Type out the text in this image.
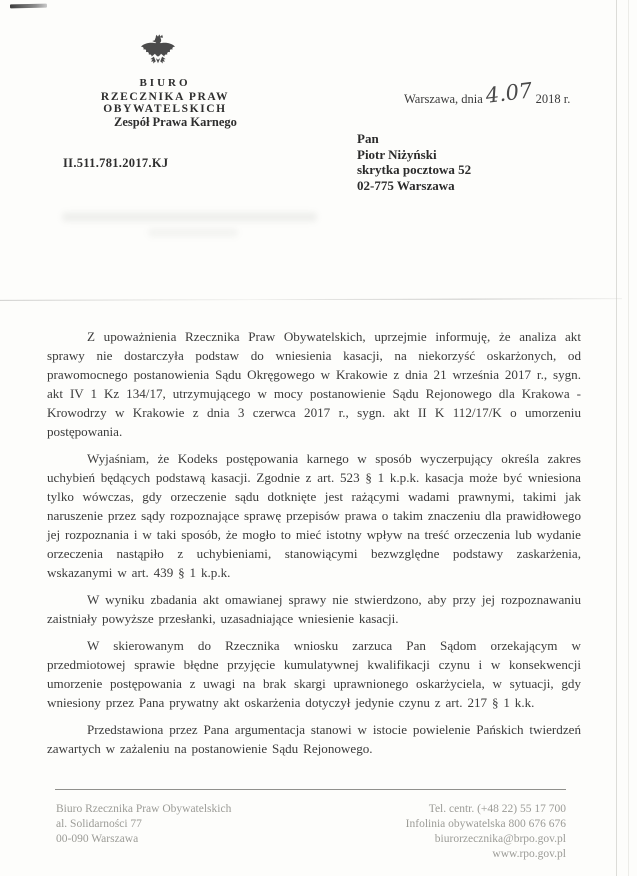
BIURO
RZECZNIKA PRAW OBYWATELSKICH
Warszawa, dnia4.07 2018 r.
Zespół Prawa Karnego
II.511.781.2017.KJ
Pan
Piotr Niżyński
skrytka pocztowa 52
02-775 Warszawa

Z upoważnienia Rzecznika Praw Obywatelskich, uprzejmie informuję, że analiza akt sprawy nie dostarczyła podstaw do wniesienia kasacji, na niekorzyść oskarżonych, od prawomocnego postanowienia Sądu Okręgowego w Krakowie z dnia 21 września 2017 r., sygn. akt IV 1 Kz 134/17, utrzymującego w mocy postanowienie Sądu Rejonowego dla Krakowa - Krowodrzy w Krakowie z dnia 3 czerwca 2017 r., sygn. akt II K 112/17/K o umorzeniu postępowania.

Wyjaśniam, że Kodeks postępowania karnego w sposób wyczerpujący określa zakres uchybień będących podstawą kasacji. Zgodnie z art. 523 § 1 k.p.k. kasacja może być wniesiona tylko wówczas, gdy orzeczenie sądu dotknięte jest rażącymi wadami prawnymi, takimi jak naruszenie przez sądy rozpoznające sprawę przepisów prawa o takim znaczeniu dla prawidłowego jej rozpoznania i w taki sposób, że mogło to mieć istotny wpływ na treść orzeczenia lub wydanie orzeczenia nastąpiło z uchybieniami, stanowiącymi bezwzględne podstawy zaskarżenia, wskazanymi w art. 439 § 1 k.p.k.

W wyniku zbadania akt omawianej sprawy nie stwierdzono, aby przy jej rozpoznawaniu zaistniały powyższe przesłanki, uzasadniające wniesienie kasacji.

W skierowanym do Rzecznika wniosku zarzuca Pan Sądom orzekającym w przedmiotowej sprawie błędne przyjęcie kumulatywnej kwalifikacji czynu i w konsekwencji umorzenie postępowania z uwagi na brak skargi uprawnionego oskarżyciela, w sytuacji, gdy wniesiony przez Pana prywatny akt oskarżenia dotyczył jedynie czynu z art. 217 § 1 k.k.

Przedstawiona przez Pana argumentacja stanowi w istocie powielenie Pańskich twierdzeń zawartych w zażaleniu na postanowienie Sądu Rejonowego.

Biuro Rzecznika Praw Obywatelskich
al. Solidarności 77
00-090 Warszawa
Tel. centr. (+48 22) 55 17 700
Infolinia obywatelska 800 676 676
biurorzecznika@brpo.gov.pl
www.rpo.gov.pl
